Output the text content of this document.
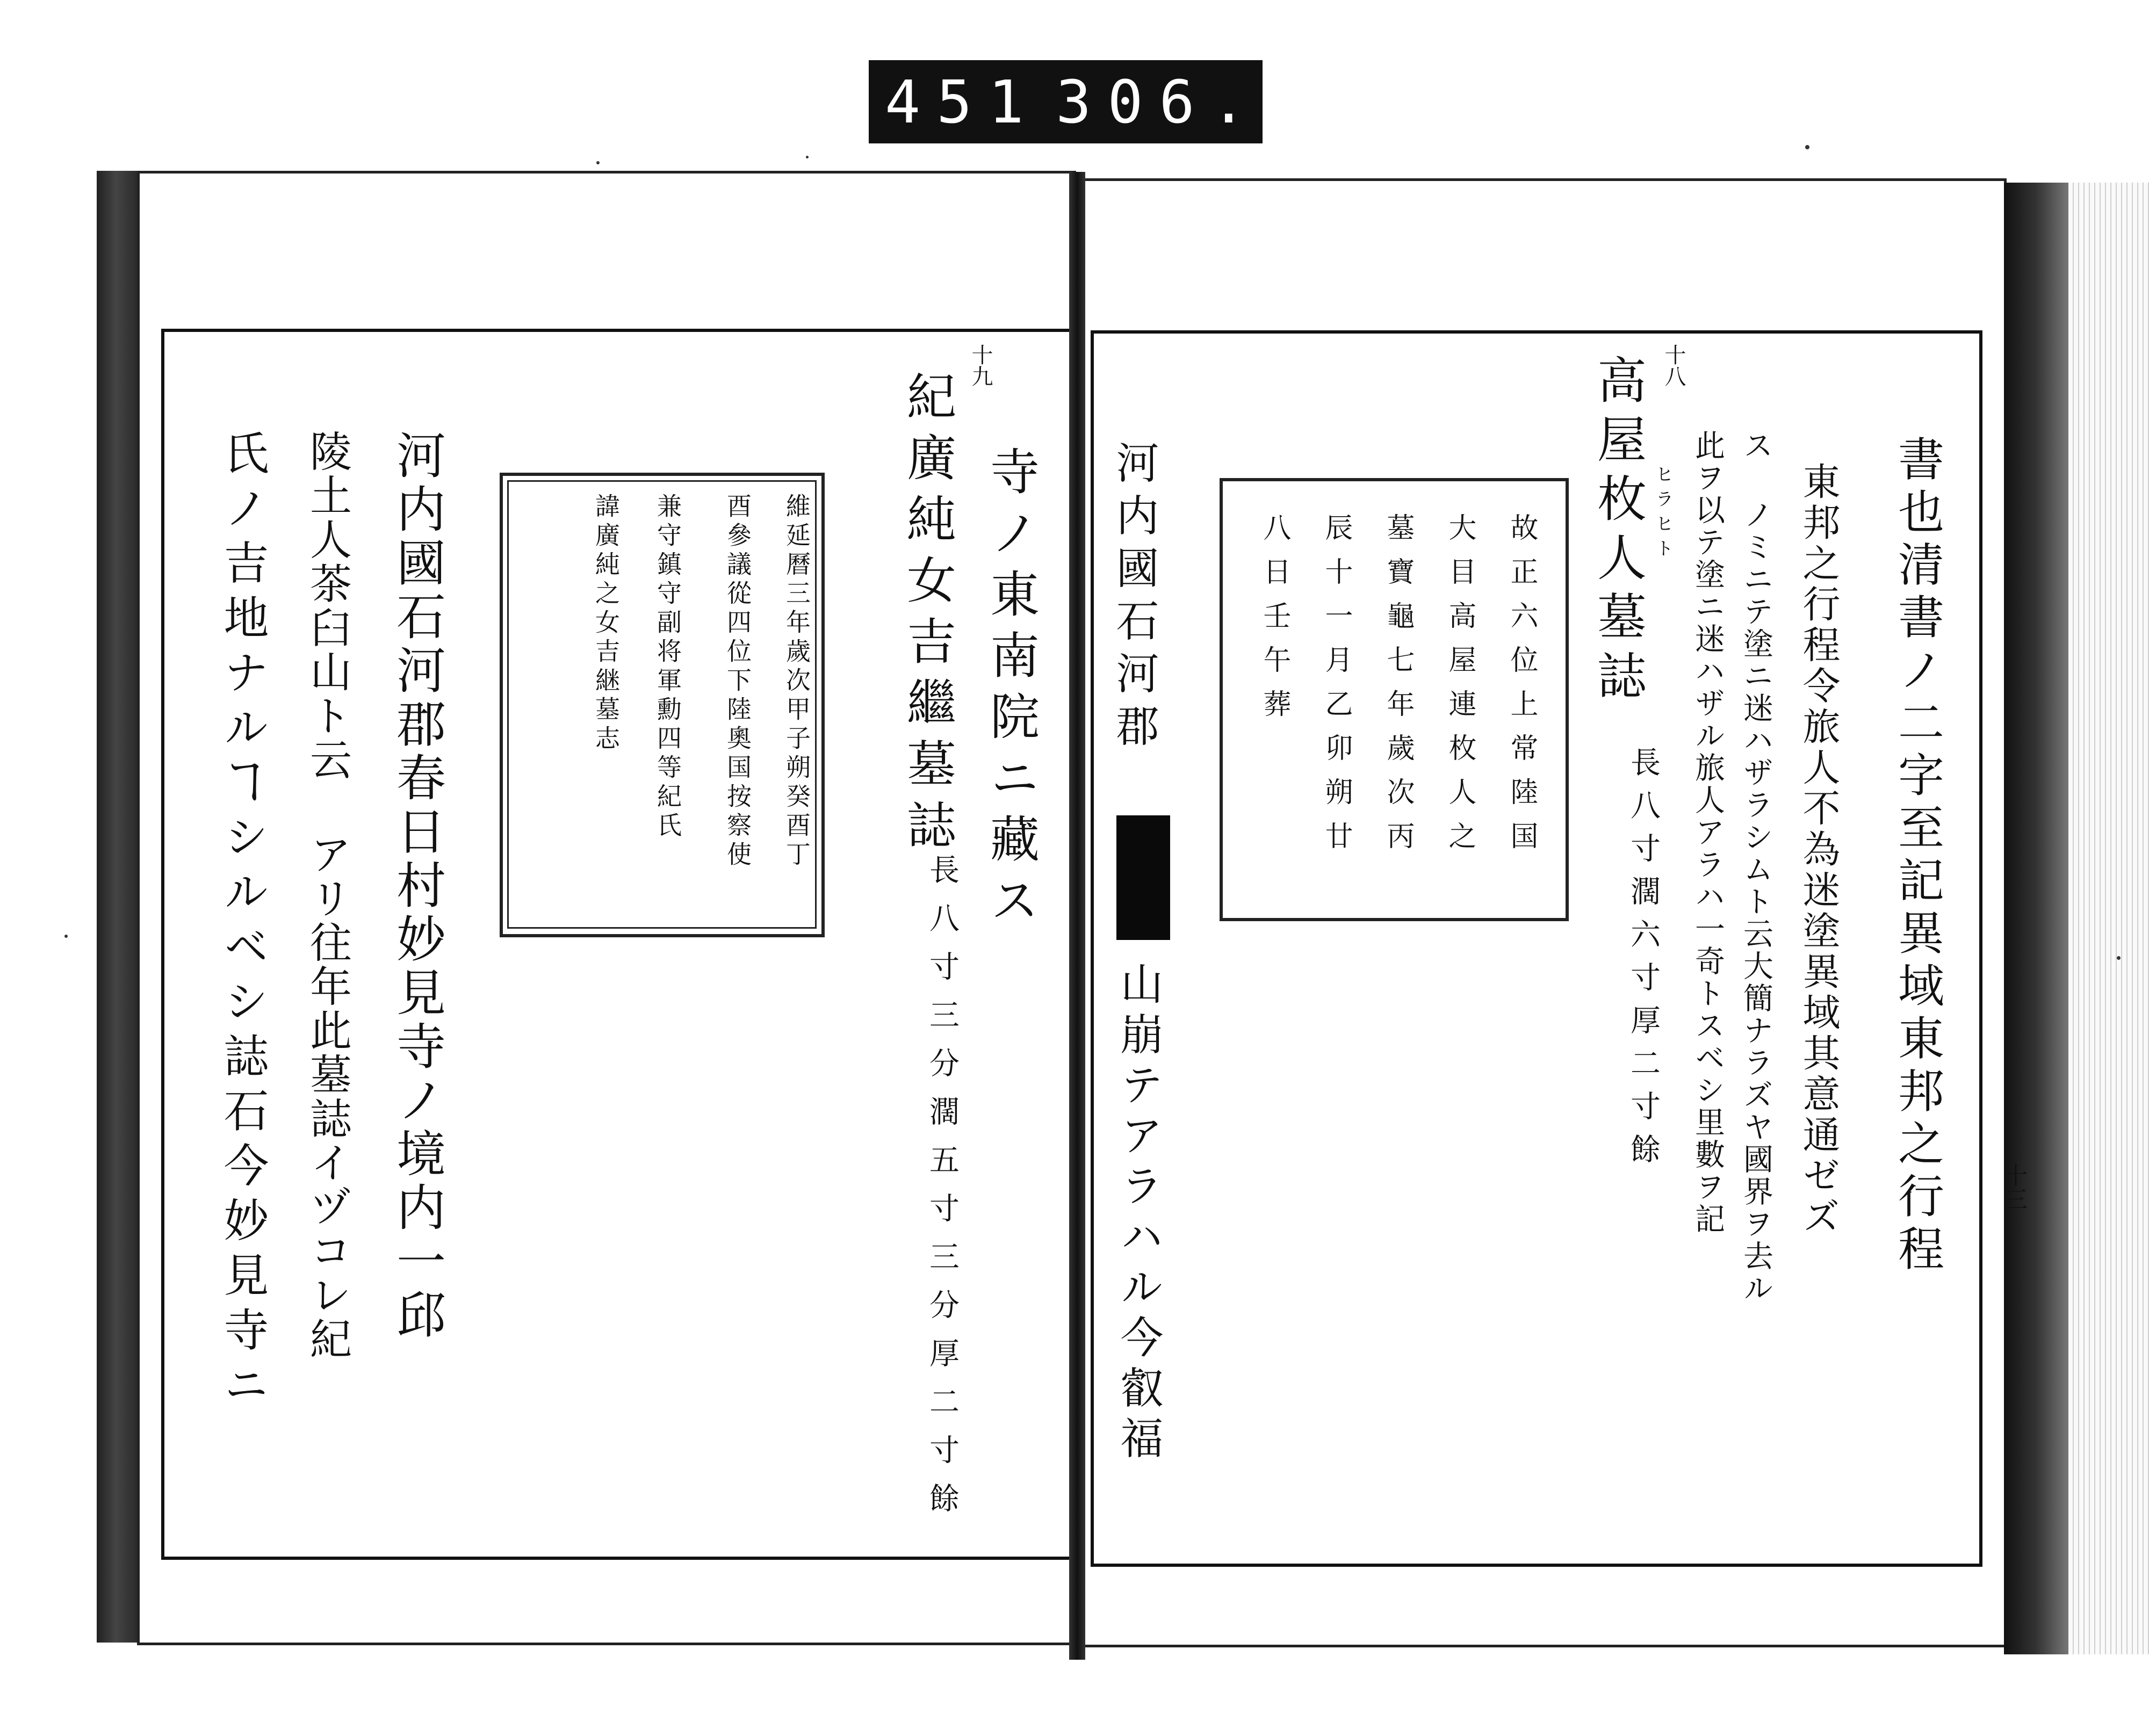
451 306.
十九
寺ノ東南院ニ藏ス
紀廣純女吉繼墓誌
長八寸三分濶五寸三分厚二寸餘
維延曆三年歲次甲子朔癸酉丁
酉參議從四位下陸奧国按察使
兼守鎮守副将軍勳四等紀氏
諱廣純之女吉継墓志
河内國石河郡春日村妙見寺ノ境内一邱
陵土人茶臼山ト云 アリ往年此墓誌イヅコレ紀
氏ノ吉地ナルヿシルベシ誌石今妙見寺ニ
十八
高屋枚人墓誌 ヒラヒト
長八寸濶六寸厚二寸餘	書也清書ノ二字至記異域東邦之行程
東邦之行程令旅人不為迷塗異域其意通ゼズ
ス ノミニテ塗ニ迷ハザラシムト云大簡ナラズヤ國界ヲ去ル
此ヲ以テ塗ニ迷ハザル旅人アラハ一奇トスベシ里數ヲ記
故正六位上常陸国
大目高屋連枚人之
墓寶龜七年歲次丙
辰十一月乙卯朔廿
八日壬午葬
河内國石河郡
山崩テアラハル今叡福	十三
